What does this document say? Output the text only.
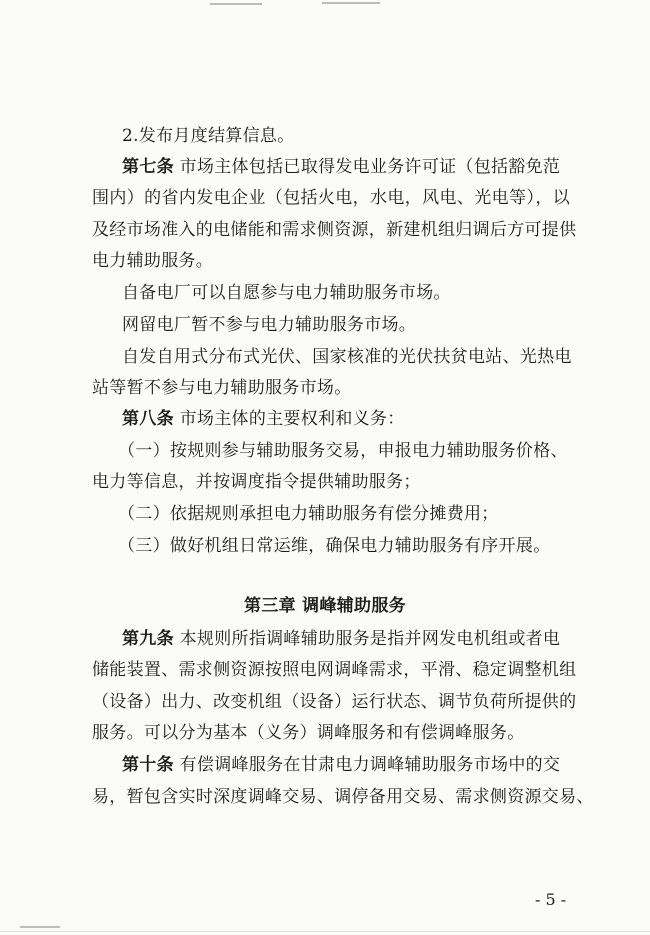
2.发布月度结算信息。
第七条 市场主体包括已取得发电业务许可证（包括豁免范
围内）的省内发电企业（包括火电，水电，风电、光电等），以
及经市场准入的电储能和需求侧资源，新建机组归调后方可提供
电力辅助服务。
自备电厂可以自愿参与电力辅助服务市场。
网留电厂暂不参与电力辅助服务市场。
自发自用式分布式光伏、国家核准的光伏扶贫电站、光热电
站等暂不参与电力辅助服务市场。
第八条 市场主体的主要权利和义务：
（一）按规则参与辅助服务交易，申报电力辅助服务价格、
电力等信息，并按调度指令提供辅助服务；
（二）依据规则承担电力辅助服务有偿分摊费用；
（三）做好机组日常运维，确保电力辅助服务有序开展。
第三章 调峰辅助服务
第九条 本规则所指调峰辅助服务是指并网发电机组或者电
储能装置、需求侧资源按照电网调峰需求，平滑、稳定调整机组
（设备）出力、改变机组（设备）运行状态、调节负荷所提供的
服务。可以分为基本（义务）调峰服务和有偿调峰服务。
第十条 有偿调峰服务在甘肃电力调峰辅助服务市场中的交
易，暂包含实时深度调峰交易、调停备用交易、需求侧资源交易、
- 5 -
